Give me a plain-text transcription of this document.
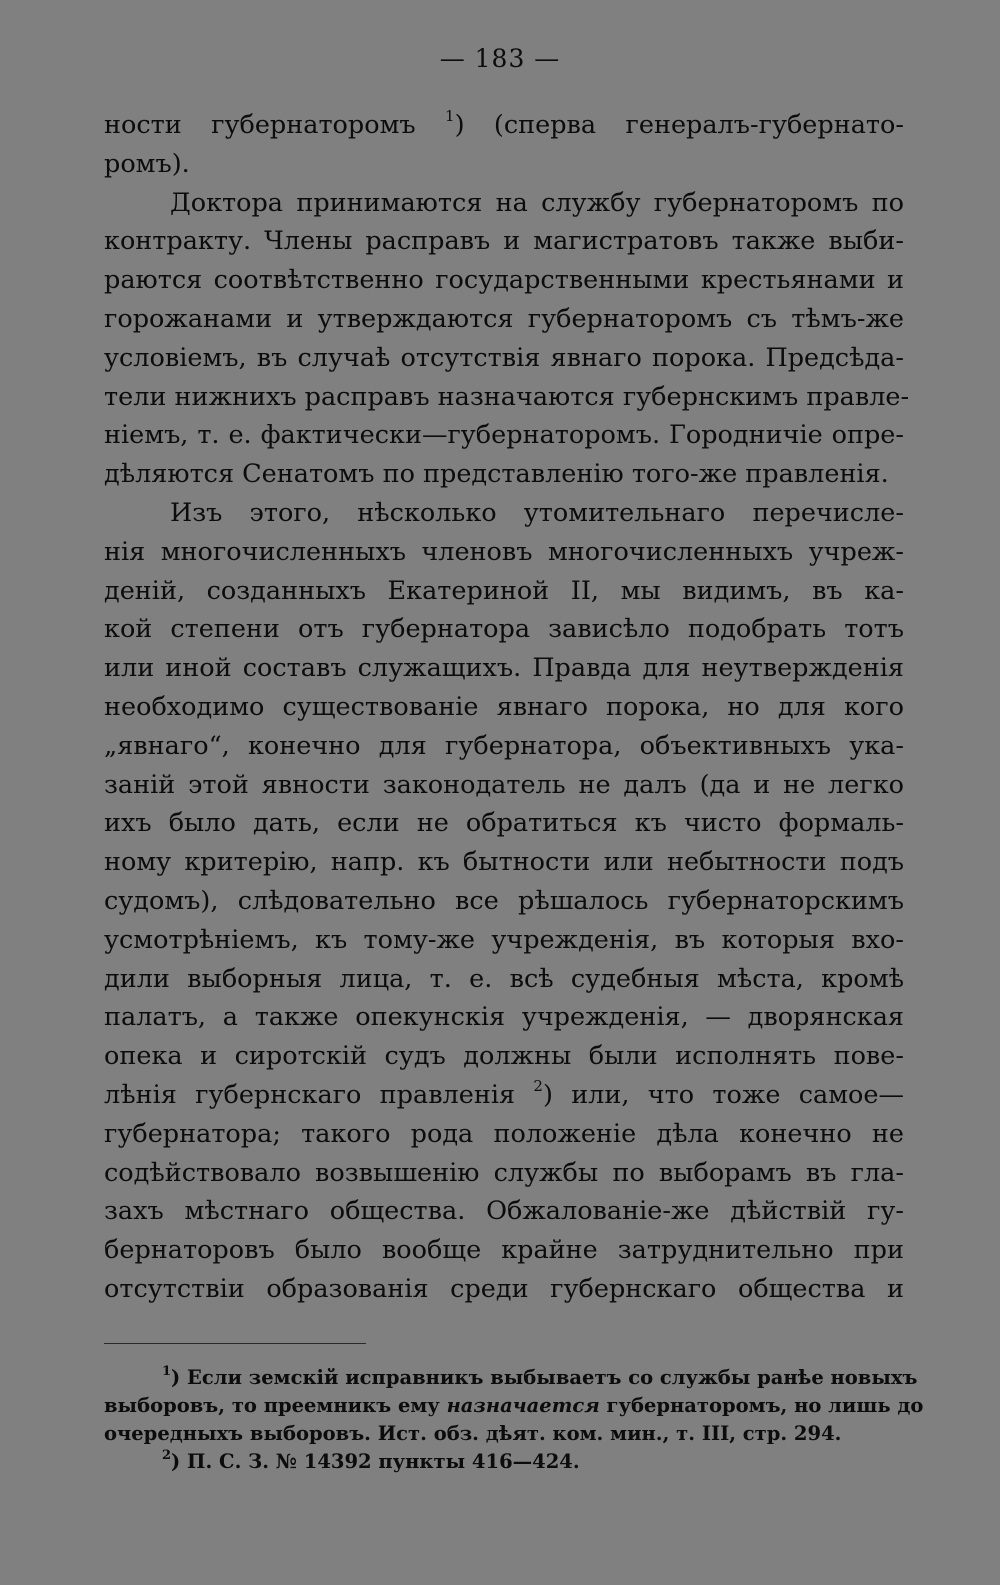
— 183 —
ности губернаторомъ $^1$) (сперва генералъ-губернато-
ромъ).
Доктора принимаются на службу губернаторомъ по
контракту. Члены расправъ и магистратовъ также выби-
раются соотвѣтственно государственными крестьянами и
горожанами и утверждаются губернаторомъ съ тѣмъ-же
условіемъ, въ случаѣ отсутствія явнаго порока. Предсѣда-
тели нижнихъ расправъ назначаются губернскимъ правле-
ніемъ, т. е. фактически—губернаторомъ. Городничіе опре-
дѣляются Сенатомъ по представленію того-же правленія.
Изъ этого, нѣсколько утомительнаго перечисле-
нія многочисленныхъ членовъ многочисленныхъ учреж-
деній, созданныхъ Екатериной II, мы видимъ, въ ка-
кой степени отъ губернатора зависѣло подобрать тотъ
или иной составъ служащихъ. Правда для неутвержденія
необходимо существованіе явнаго порока, но для кого
„явнаго“, конечно для губернатора, объективныхъ ука-
заній этой явности законодатель не далъ (да и не легко
ихъ было дать, если не обратиться къ чисто формаль-
ному критерію, напр. къ бытности или небытности подъ
судомъ), слѣдовательно все рѣшалось губернаторскимъ
усмотрѣніемъ, къ тому-же учрежденія, въ которыя вхо-
дили выборныя лица, т. е. всѣ судебныя мѣста, кромѣ
палатъ, а также опекунскія учрежденія, — дворянская
опека и сиротскій судъ должны были исполнять пове-
лѣнія губернскаго правленія $^2$) или, что тоже самое—
губернатора; такого рода положеніе дѣла конечно не
содѣйствовало возвышенію службы по выборамъ въ гла-
захъ мѣстнаго общества. Обжалованіе-же дѣйствій гу-
бернаторовъ было вообще крайне затруднительно при
отсутствіи образованія среди губернскаго общества и
$^1$) Если земскій исправникъ выбываетъ со службы ранѣе новыхъ
выборовъ, то преемникъ ему назначается губернаторомъ, но лишь до
очередныхъ выборовъ. Ист. обз. дѣят. ком. мин., т. III, стр. 294.
$^2$) П. С. З. № 14392 пункты 416—424.
